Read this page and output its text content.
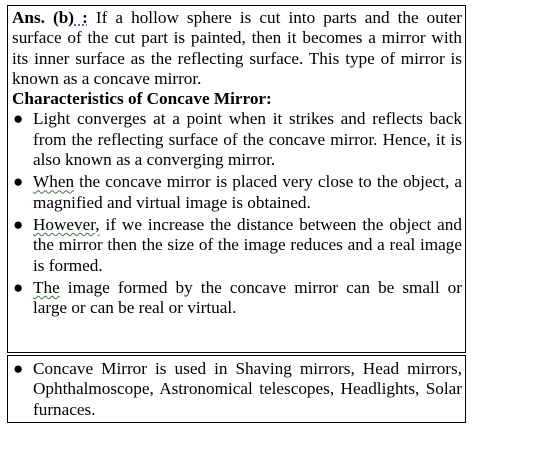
Ans. (b) : If a hollow sphere is cut into parts and the outer surface of the cut part is painted, then it becomes a mirror with its inner surface as the reflecting surface. This type of mirror is known as a concave mirror.

Characteristics of Concave Mirror:

● Light converges at a point when it strikes and reflects back from the reflecting surface of the concave mirror. Hence, it is also known as a converging mirror.
● When the concave mirror is placed very close to the object, a magnified and virtual image is obtained.
● However, if we increase the distance between the object and the mirror then the size of the image reduces and a real image is formed.
● The image formed by the concave mirror can be small or large or can be real or virtual.
● Concave Mirror is used in Shaving mirrors, Head mirrors, Ophthalmoscope, Astronomical telescopes, Headlights, Solar furnaces.
